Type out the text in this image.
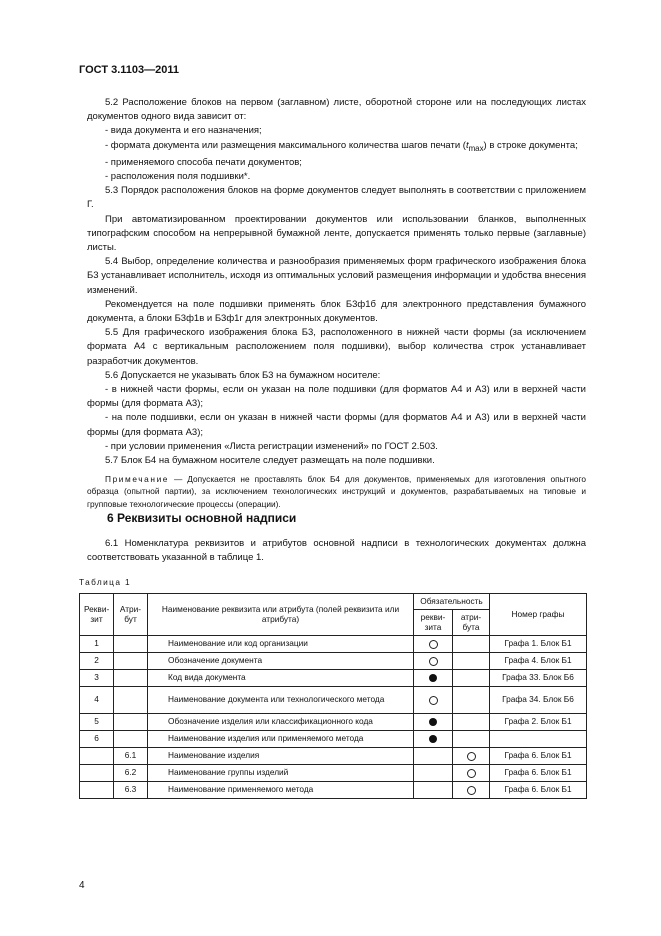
ГОСТ 3.1103—2011

5.2 Расположение блоков на первом (заглавном) листе, оборотной стороне или на последующих листах документов одного вида зависит от:

- вида документа и его назначения;

- формата документа или размещения максимального количества шагов печати $(t_{max})$ в строке документа;

- применяемого способа печати документов;

- расположения поля подшивки*.

5.3 Порядок расположения блоков на форме документов следует выполнять в соответствии с приложением Г.

При автоматизированном проектировании документов или использовании бланков, выполненных типографским способом на непрерывной бумажной ленте, допускается применять только первые (заглавные) листы.

5.4 Выбор, определение количества и разнообразия применяемых форм графического изображения блока Б3 устанавливает исполнитель, исходя из оптимальных условий размещения информации и удобства внесения изменений.

Рекомендуется на поле подшивки применять блок Б3ф1б для электронного представления бумажного документа, а блоки Б3ф1в и Б3ф1г для электронных документов.

5.5 Для графического изображения блока Б3, расположенного в нижней части формы (за исключением формата А4 с вертикальным расположением поля подшивки), выбор количества строк устанавливает разработчик документов.

5.6 Допускается не указывать блок Б3 на бумажном носителе:

- в нижней части формы, если он указан на поле подшивки (для форматов А4 и А3) или в верхней части формы (для формата А3);

- на поле подшивки, если он указан в нижней части формы (для форматов А4 и А3) или в верхней части формы (для формата А3);

- при условии применения «Листа регистрации изменений» по ГОСТ 2.503.

5.7 Блок Б4 на бумажном носителе следует размещать на поле подшивки.

Примечание — Допускается не проставлять блок Б4 для документов, применяемых для изготовления опытного образца (опытной партии), за исключением технологических инструкций и документов, разрабатываемых на типовые и групповые технологические процессы (операции).

6 Реквизиты основной надписи
6.1 Номенклатура реквизитов и атрибутов основной надписи в технологических документах должна соответствовать указанной в таблице 1.
Таблица 1
Рекви-зит	Атри-бут	Наименование реквизита или атрибута (полей реквизита или атрибута)	Обязательность		Номер графы
			рекви-зита	атри-бута	
1		Наименование или код организации			Графа 1. Блок Б1
2		Обозначение документа			Графа 4. Блок Б1
3		Код вида документа			Графа 33. Блок Б6
4		Наименование документа или технологического метода			Графа 34. Блок Б6
5		Обозначение изделия или классификационного кода			Графа 2. Блок Б1
6		Наименование изделия или применяемого метода			
	6.1	Наименование изделия			Графа 6. Блок Б1
	6.2	Наименование группы изделий			Графа 6. Блок Б1
	6.3	Наименование применяемого метода			Графа 6. Блок Б1
4
